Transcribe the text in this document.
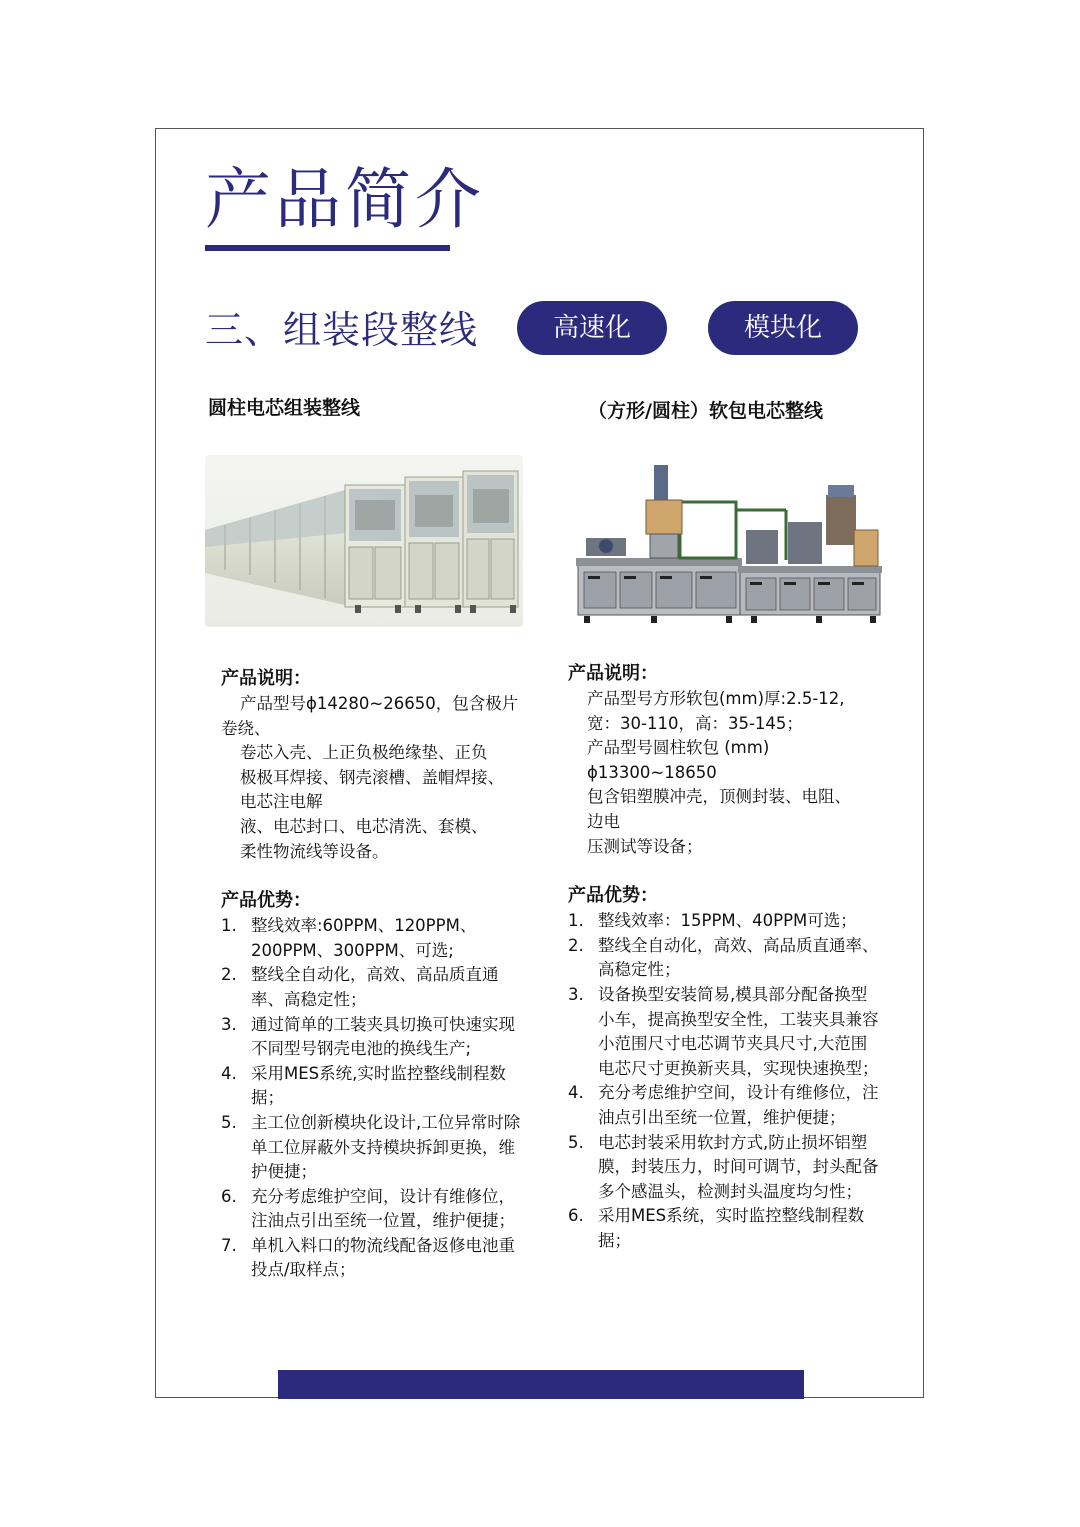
产品简介
三、组装段整线	高速化	模块化
圆柱电芯组装整线	（方形/圆柱）软包电芯整线
产品说明：
产品型号ϕ14280~26650，包含极片
卷绕、
卷芯入壳、上正负极绝缘垫、正负
极极耳焊接、钢壳滚槽、盖帽焊接、
电芯注电解
液、电芯封口、电芯清洗、套模、
柔性物流线等设备。
产品优势：
1. 整线效率:60PPM、120PPM、200PPM、300PPM、可选;
2. 整线全自动化，高效、高品质直通率、高稳定性；
3. 通过简单的工装夹具切换可快速实现不同型号钢壳电池的换线生产;
4. 采用MES系统,实时监控整线制程数据；
5. 主工位创新模块化设计,工位异常时除单工位屏蔽外支持模块拆卸更换，维护便捷；
6. 充分考虑维护空间，设计有维修位，注油点引出至统一位置，维护便捷；
7. 单机入料口的物流线配备返修电池重投点/取样点；
产品说明：
产品型号方形软包(mm)厚:2.5-12,
宽：30-110，高：35-145；
产品型号圆柱软包 (mm)
ϕ13300~18650
包含铝塑膜冲壳，顶侧封装、电阻、
边电
压测试等设备；
产品优势：
1. 整线效率：15PPM、40PPM可选；
2. 整线全自动化，高效、高品质直通率、高稳定性；
3. 设备换型安装简易,模具部分配备换型小车，提高换型安全性，工装夹具兼容小范围尺寸电芯调节夹具尺寸,大范围电芯尺寸更换新夹具，实现快速换型；
4. 充分考虑维护空间，设计有维修位，注油点引出至统一位置，维护便捷；
5. 电芯封装采用软封方式,防止损坏铝塑膜，封装压力，时间可调节，封头配备多个感温头，检测封头温度均匀性；
6. 采用MES系统，实时监控整线制程数据；
